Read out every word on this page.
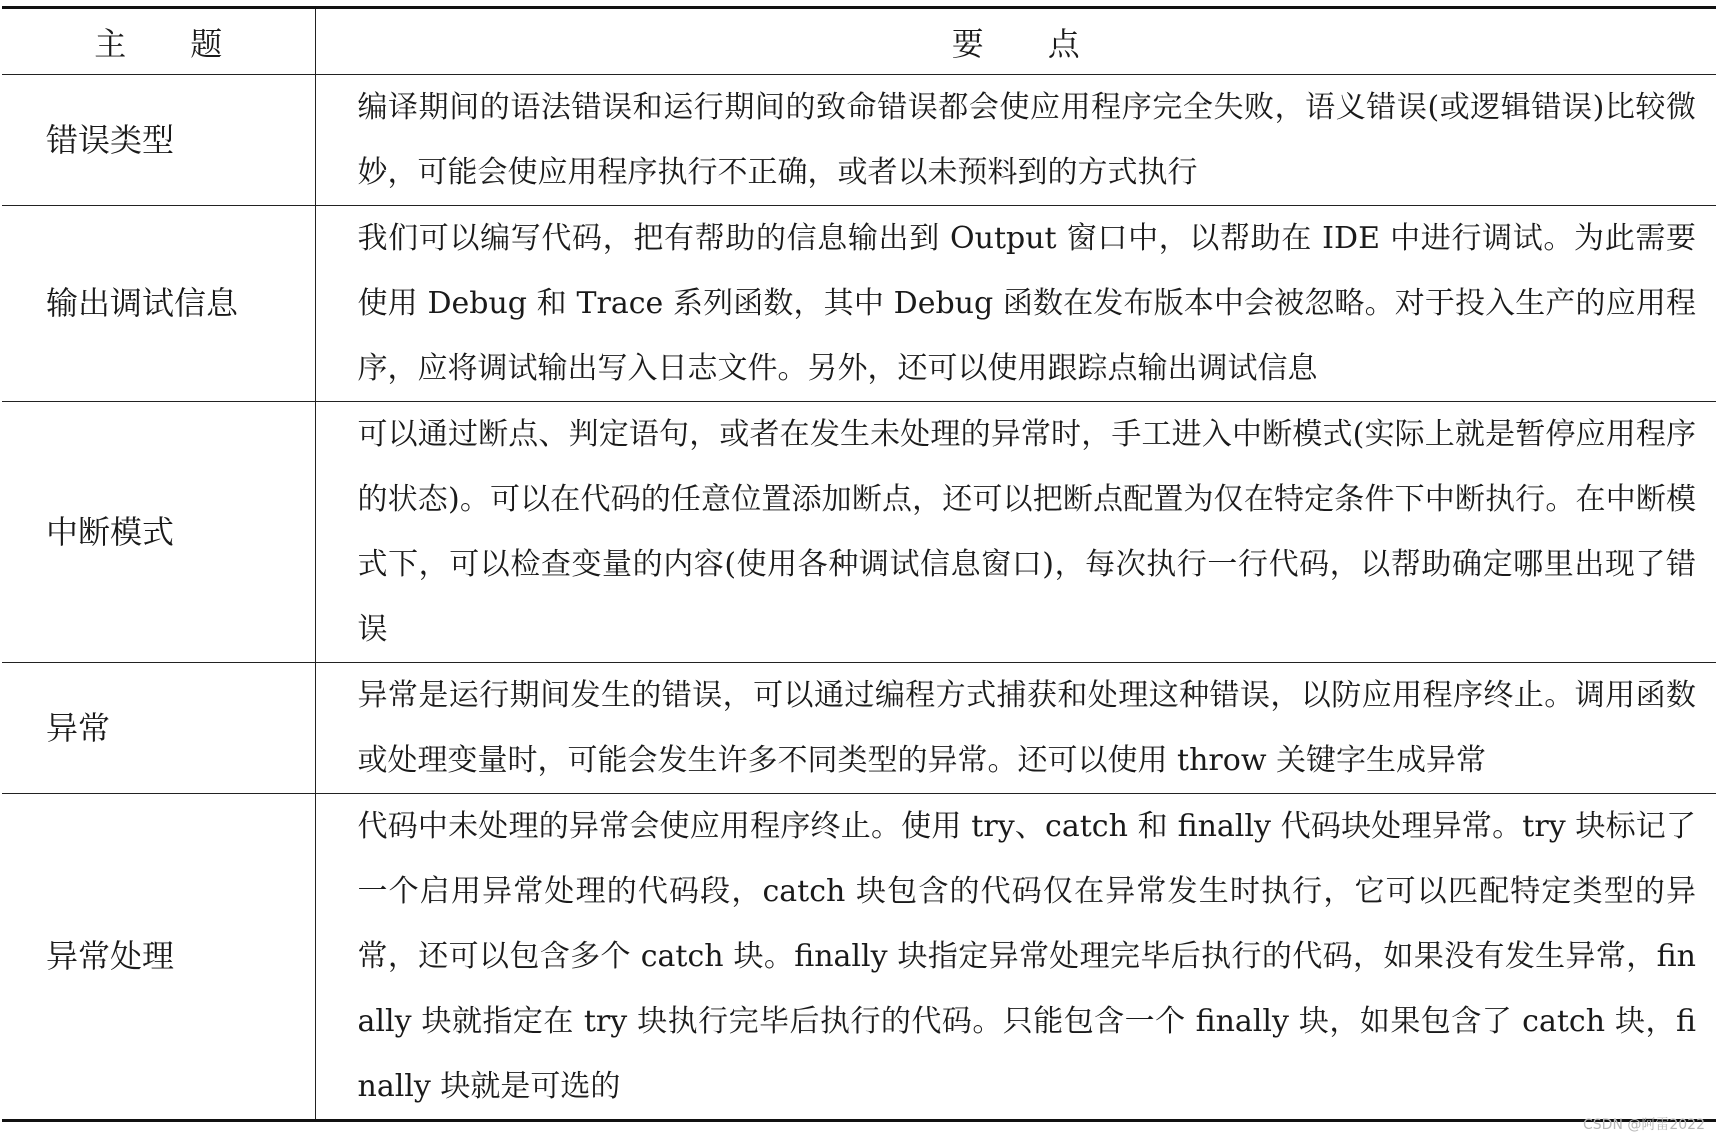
主　　题	要　　点
错误类型	编译期间的语法错误和运行期间的致命错误都会使应用程序完全失败，语义错误(或逻辑错误)比较微妙，可能会使应用程序执行不正确，或者以未预料到的方式执行
输出调试信息	我们可以编写代码，把有帮助的信息输出到 Output 窗口中，以帮助在 IDE 中进行调试。为此需要使用 Debug 和 Trace 系列函数，其中 Debug 函数在发布版本中会被忽略。对于投入生产的应用程序，应将调试输出写入日志文件。另外，还可以使用跟踪点输出调试信息
中断模式	可以通过断点、判定语句，或者在发生未处理的异常时，手工进入中断模式(实际上就是暂停应用程序的状态)。可以在代码的任意位置添加断点，还可以把断点配置为仅在特定条件下中断执行。在中断模式下，可以检查变量的内容(使用各种调试信息窗口)，每次执行一行代码，以帮助确定哪里出现了错误
异常	异常是运行期间发生的错误，可以通过编程方式捕获和处理这种错误，以防应用程序终止。调用函数或处理变量时，可能会发生许多不同类型的异常。还可以使用 throw 关键字生成异常
异常处理	代码中未处理的异常会使应用程序终止。使用 try、catch 和 finally 代码块处理异常。try 块标记了一个启用异常处理的代码段，catch 块包含的代码仅在异常发生时执行，它可以匹配特定类型的异常，还可以包含多个 catch 块。finally 块指定异常处理完毕后执行的代码，如果没有发生异常，finally 块就指定在 try 块执行完毕后执行的代码。只能包含一个 finally 块，如果包含了 catch 块，finally 块就是可选的
CSDN @阿雷2022
